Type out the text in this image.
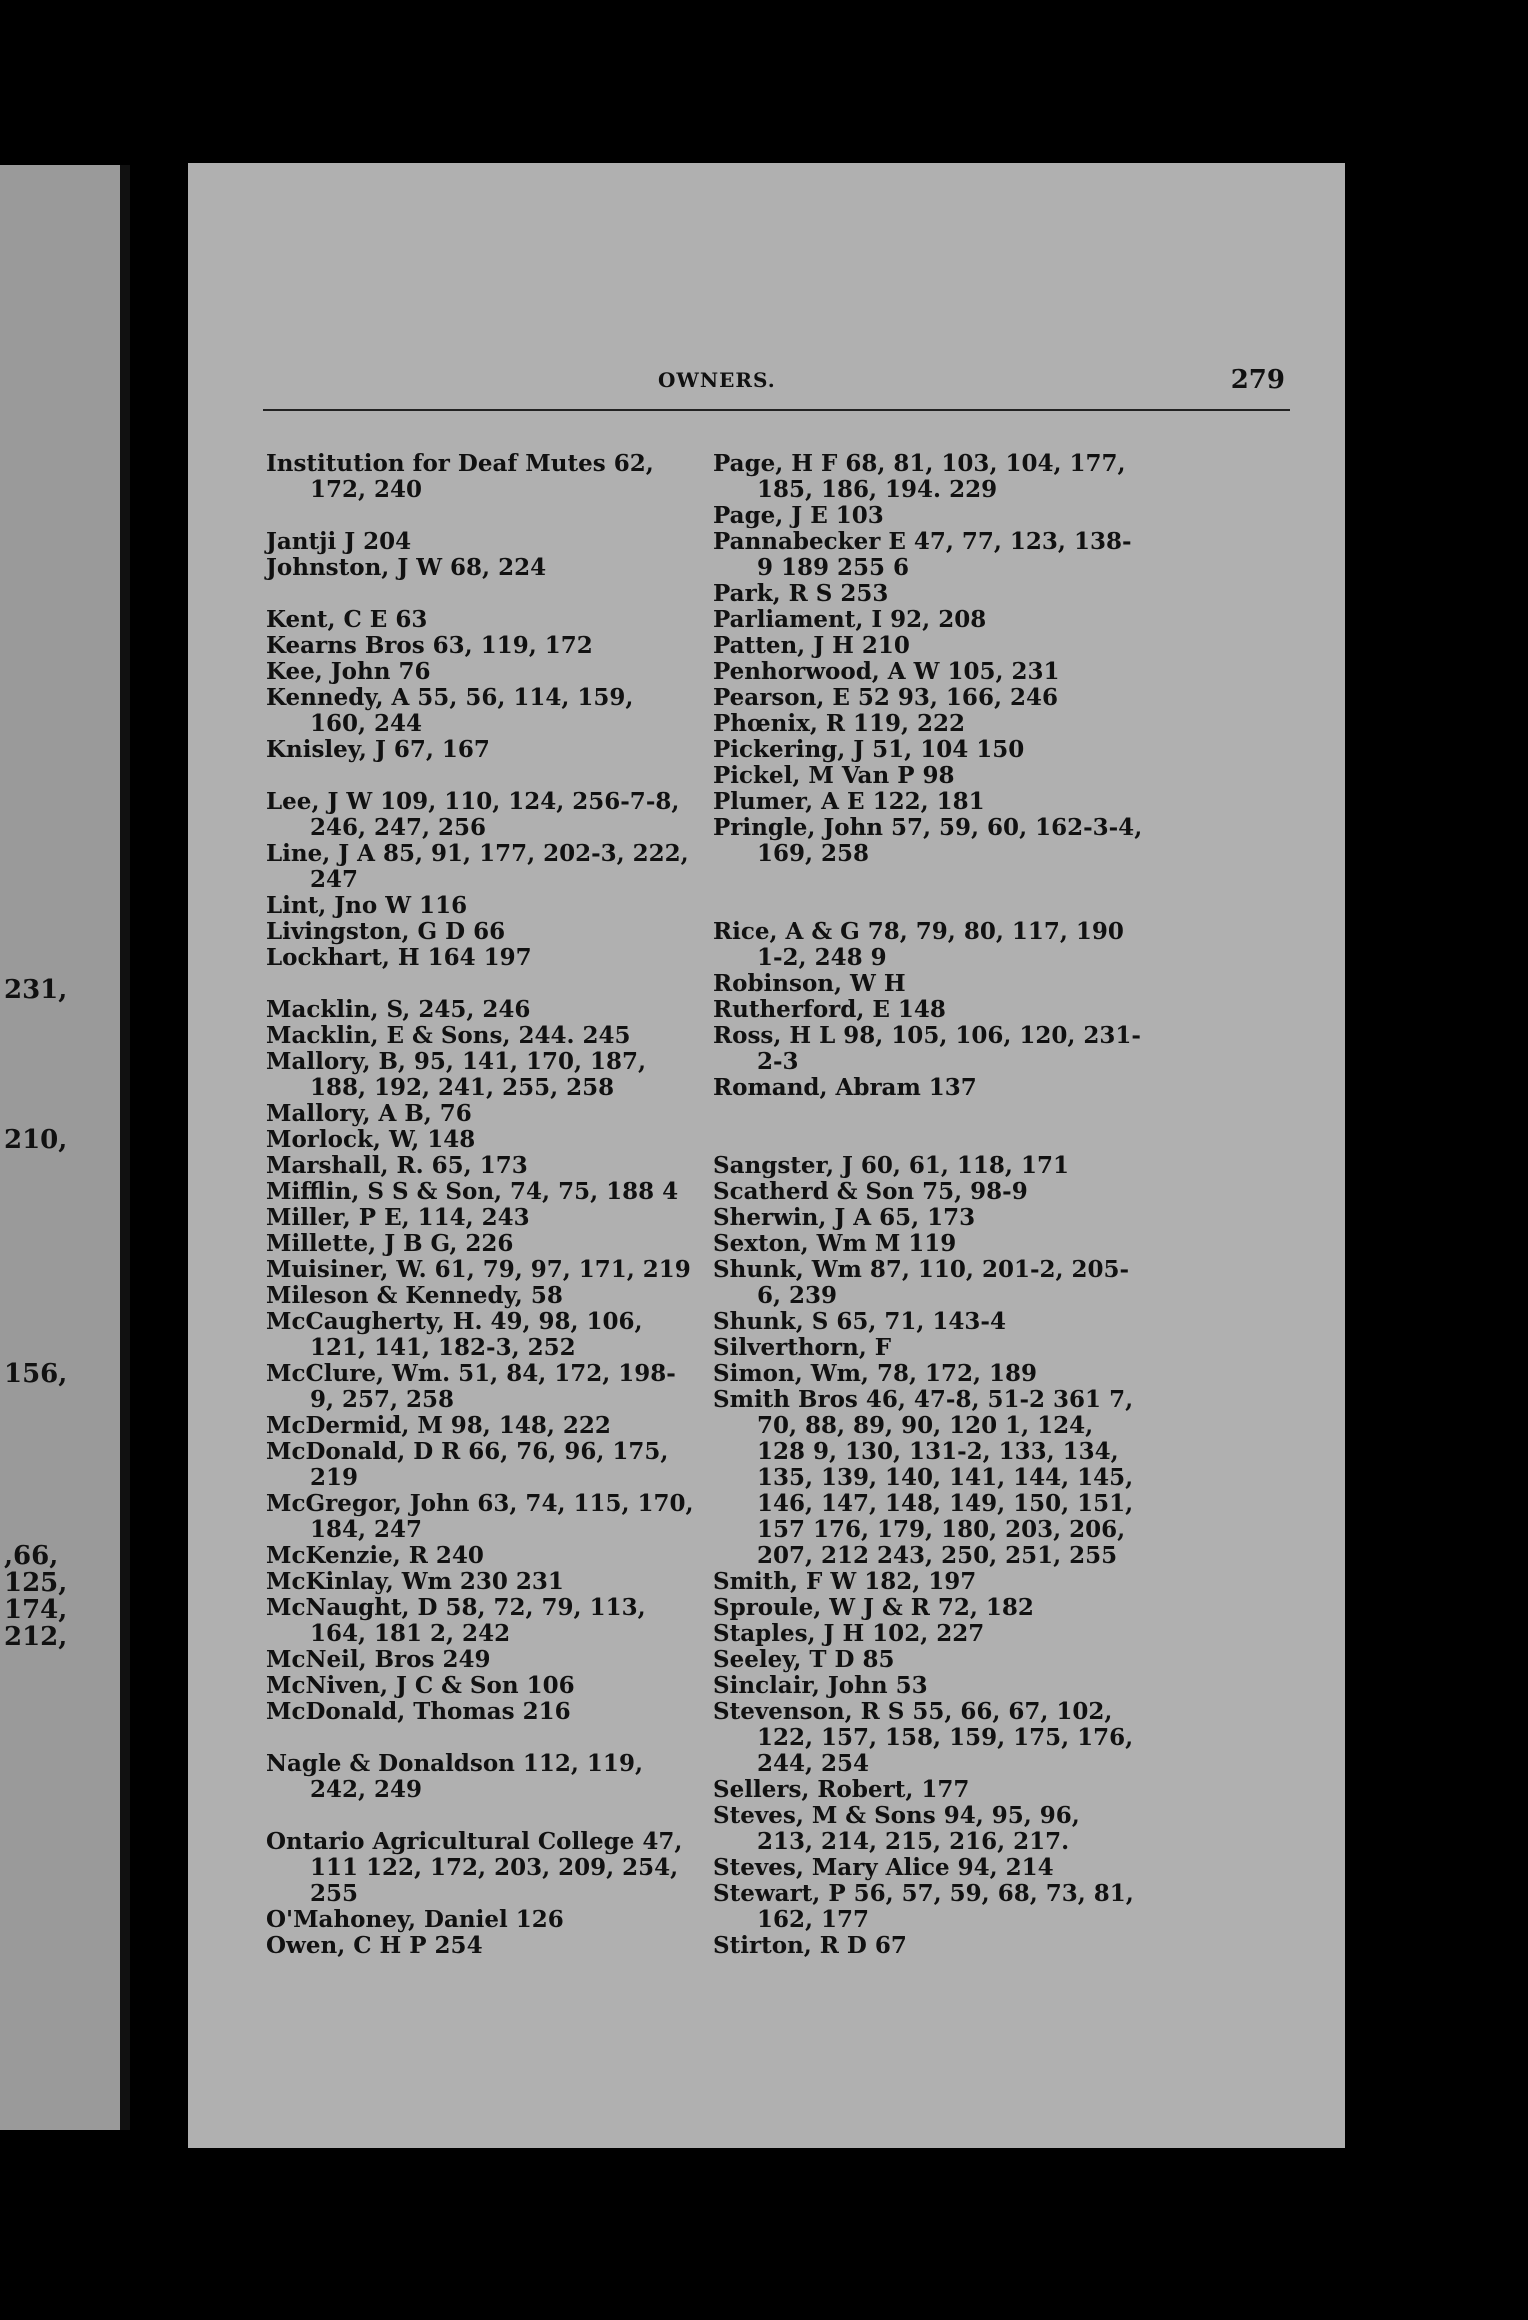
231,
210,
156,
,66,
125,
174,
212,
OWNERS.	279
Institution for Deaf Mutes 62, 172, 240
Jantji J 204
Johnston, J W 68, 224
Kent, C E 63
Kearns Bros 63, 119, 172
Kee, John 76
Kennedy, A 55, 56, 114, 159, 160, 244
Knisley, J 67, 167
Lee, J W 109, 110, 124, 256-7-8, 246, 247, 256
Line, J A 85, 91, 177, 202-3, 222, 247
Lint, Jno W 116
Livingston, G D 66
Lockhart, H 164 197
Macklin, S, 245, 246
Macklin, E & Sons, 244. 245
Mallory, B, 95, 141, 170, 187, 188, 192, 241, 255, 258
Mallory, A B, 76
Morlock, W, 148
Marshall, R. 65, 173
Mifflin, S S & Son, 74, 75, 188 4
Miller, P E, 114, 243
Millette, J B G, 226
Muisiner, W. 61, 79, 97, 171, 219
Mileson & Kennedy, 58
McCaugherty, H. 49, 98, 106, 121, 141, 182-3, 252
McClure, Wm. 51, 84, 172, 198-9, 257, 258
McDermid, M 98, 148, 222
McDonald, D R 66, 76, 96, 175, 219
McGregor, John 63, 74, 115, 170, 184, 247
McKenzie, R 240
McKinlay, Wm 230 231
McNaught, D 58, 72, 79, 113, 164, 181 2, 242
McNeil, Bros 249
McNiven, J C & Son 106
McDonald, Thomas 216
Nagle & Donaldson 112, 119, 242, 249
Ontario Agricultural College 47, 111 122, 172, 203, 209, 254, 255
O'Mahoney, Daniel 126
Owen, C H P 254
Page, H F 68, 81, 103, 104, 177, 185, 186, 194. 229
Page, J E 103
Pannabecker E 47, 77, 123, 138-9 189 255 6
Park, R S 253
Parliament, I 92, 208
Patten, J H 210
Penhorwood, A W 105, 231
Pearson, E 52 93, 166, 246
Phœnix, R 119, 222
Pickering, J 51, 104 150
Pickel, M Van P 98
Plumer, A E 122, 181
Pringle, John 57, 59, 60, 162-3-4, 169, 258
Rice, A & G 78, 79, 80, 117, 190 1-2, 248 9
Robinson, W H
Rutherford, E 148
Ross, H L 98, 105, 106, 120, 231-2-3
Romand, Abram 137
Sangster, J 60, 61, 118, 171
Scatherd & Son 75, 98-9
Sherwin, J A 65, 173
Sexton, Wm M 119
Shunk, Wm 87, 110, 201-2, 205-6, 239
Shunk, S 65, 71, 143-4
Silverthorn, F
Simon, Wm, 78, 172, 189
Smith Bros 46, 47-8, 51-2 361 7, 70, 88, 89, 90, 120 1, 124, 128 9, 130, 131-2, 133, 134, 135, 139, 140, 141, 144, 145, 146, 147, 148, 149, 150, 151, 157 176, 179, 180, 203, 206, 207, 212 243, 250, 251, 255
Smith, F W 182, 197
Sproule, W J & R 72, 182
Staples, J H 102, 227
Seeley, T D 85
Sinclair, John 53
Stevenson, R S 55, 66, 67, 102, 122, 157, 158, 159, 175, 176, 244, 254
Sellers, Robert, 177
Steves, M & Sons 94, 95, 96, 213, 214, 215, 216, 217.
Steves, Mary Alice 94, 214
Stewart, P 56, 57, 59, 68, 73, 81, 162, 177
Stirton, R D 67
